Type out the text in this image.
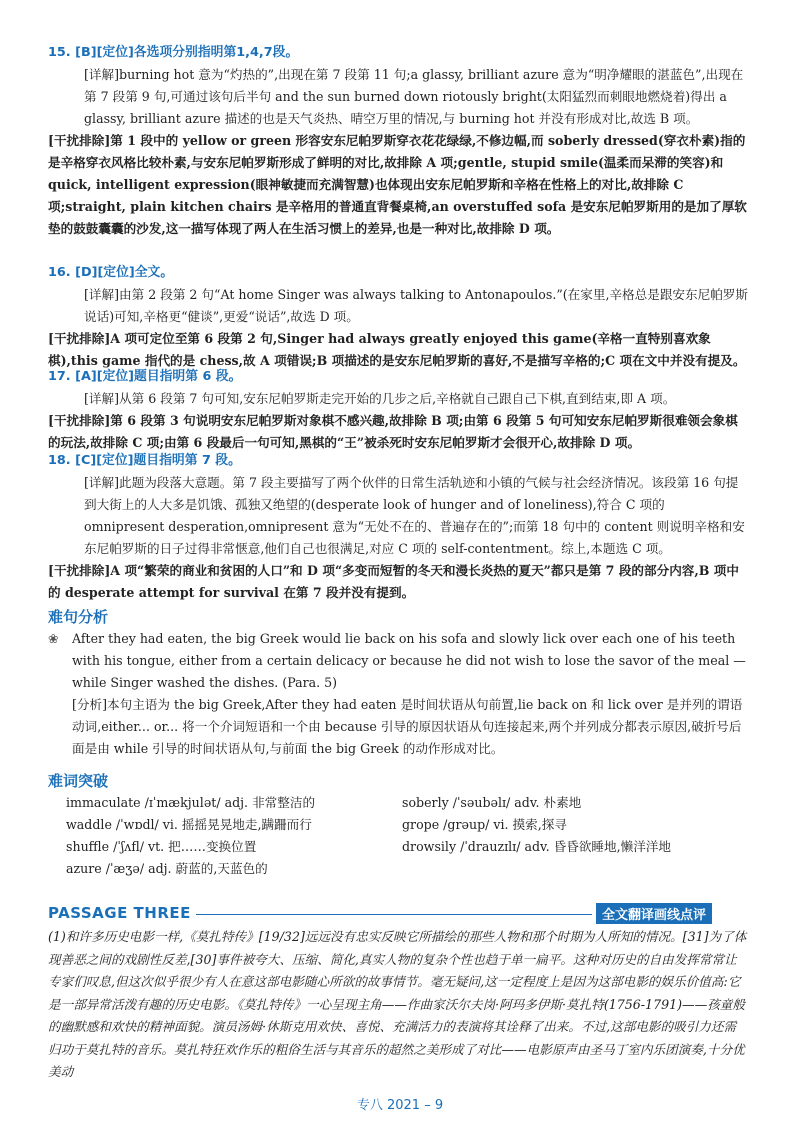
15. [B][定位]各选项分别指明第1,4,7段。
[详解]burning hot 意为“灼热的”,出现在第 7 段第 11 句;a glassy, brilliant azure 意为“明净耀眼的湛蓝色”,出现在第 7 段第 9 句,可通过该句后半句 and the sun burned down riotously bright(太阳猛烈而刺眼地燃烧着)得出 a glassy, brilliant azure 描述的也是天气炎热、晴空万里的情况,与 burning hot 并没有形成对比,故选 B 项。
[干扰排除]第 1 段中的 yellow or green 形容安东尼帕罗斯穿衣花花绿绿,不修边幅,而 soberly dressed(穿衣朴素)指的是辛格穿衣风格比较朴素,与安东尼帕罗斯形成了鲜明的对比,故排除 A 项;gentle, stupid smile(温柔而呆滞的笑容)和 quick, intelligent expression(眼神敏捷而充满智慧)也体现出安东尼帕罗斯和辛格在性格上的对比,故排除 C 项;straight, plain kitchen chairs 是辛格用的普通直背餐桌椅,an overstuffed sofa 是安东尼帕罗斯用的是加了厚软垫的鼓鼓囊囊的沙发,这一描写体现了两人在生活习惯上的差异,也是一种对比,故排除 D 项。
16. [D][定位]全文。
[详解]由第 2 段第 2 句“At home Singer was always talking to Antonapoulos.”(在家里,辛格总是跟安东尼帕罗斯说话)可知,辛格更“健谈”,更爱“说话”,故选 D 项。
[干扰排除]A 项可定位至第 6 段第 2 句,Singer had always greatly enjoyed this game(辛格一直特别喜欢象棋),this game 指代的是 chess,故 A 项错误;B 项描述的是安东尼帕罗斯的喜好,不是描写辛格的;C 项在文中并没有提及。
17. [A][定位]题目指明第 6 段。
[详解]从第 6 段第 7 句可知,安东尼帕罗斯走完开始的几步之后,辛格就自己跟自己下棋,直到结束,即 A 项。
[干扰排除]第 6 段第 3 句说明安东尼帕罗斯对象棋不感兴趣,故排除 B 项;由第 6 段第 5 句可知安东尼帕罗斯很难领会象棋的玩法,故排除 C 项;由第 6 段最后一句可知,黑棋的“王”被杀死时安东尼帕罗斯才会很开心,故排除 D 项。
18. [C][定位]题目指明第 7 段。
[详解]此题为段落大意题。第 7 段主要描写了两个伙伴的日常生活轨迹和小镇的气候与社会经济情况。该段第 16 句提到大街上的人大多是饥饿、孤独又绝望的(desperate look of hunger and of loneliness),符合 C 项的 omnipresent desperation,omnipresent 意为“无处不在的、普遍存在的”;而第 18 句中的 content 则说明辛格和安东尼帕罗斯的日子过得非常惬意,他们自己也很满足,对应 C 项的 self-contentment。综上,本题选 C 项。
[干扰排除]A 项“繁荣的商业和贫困的人口”和 D 项“多变而短暂的冬天和漫长炎热的夏天”都只是第 7 段的部分内容,B 项中的 desperate attempt for survival 在第 7 段并没有提到。
难句分析
❀	After they had eaten, the big Greek would lie back on his sofa and slowly lick over each one of his teeth with his tongue, either from a certain delicacy or because he did not wish to lose the savor of the meal — while Singer washed the dishes. (Para. 5)
[分析]本句主语为 the big Greek,After they had eaten 是时间状语从句前置,lie back on 和 lick over 是并列的谓语动词,either... or... 将一个介词短语和一个由 because 引导的原因状语从句连接起来,两个并列成分都表示原因,破折号后面是由 while 引导的时间状语从句,与前面 the big Greek 的动作形成对比。
难词突破
immaculate /ɪˈmækjulət/ adj. 非常整洁的
waddle /ˈwɒdl/ vi. 摇摇晃晃地走,蹒跚而行
shuffle /ˈʃʌfl/ vt. 把……变换位置
azure /ˈæʒə/ adj. 蔚蓝的,天蓝色的
soberly /ˈsəubəlɪ/ adv. 朴素地
grope /grəup/ vi. 摸索,探寻
drowsily /ˈdrauzɪlɪ/ adv. 昏昏欲睡地,懒洋洋地
PASSAGE THREE	全文翻译画线点评
(1)和许多历史电影一样,《莫扎特传》[19/32]远远没有忠实反映它所描绘的那些人物和那个时期为人所知的情况。[31]为了体现善恶之间的戏剧性反差,[30]事件被夸大、压缩、简化,真实人物的复杂个性也趋于单一扁平。这种对历史的自由发挥常常让专家们叹息,但这次似乎很少有人在意这部电影随心所欲的故事情节。毫无疑问,这一定程度上是因为这部电影的娱乐价值高:它是一部异常活泼有趣的历史电影。《莫扎特传》一心呈现主角——作曲家沃尔夫岗·阿玛多伊斯·莫扎特(1756-1791)——孩童般的幽默感和欢快的精神面貌。演员汤姆·休斯克用欢快、喜悦、充满活力的表演将其诠释了出来。不过,这部电影的吸引力还需归功于莫扎特的音乐。莫扎特狂欢作乐的粗俗生活与其音乐的超然之美形成了对比——电影原声由圣马丁室内乐团演奏,十分优美动
专八 2021 – 9
